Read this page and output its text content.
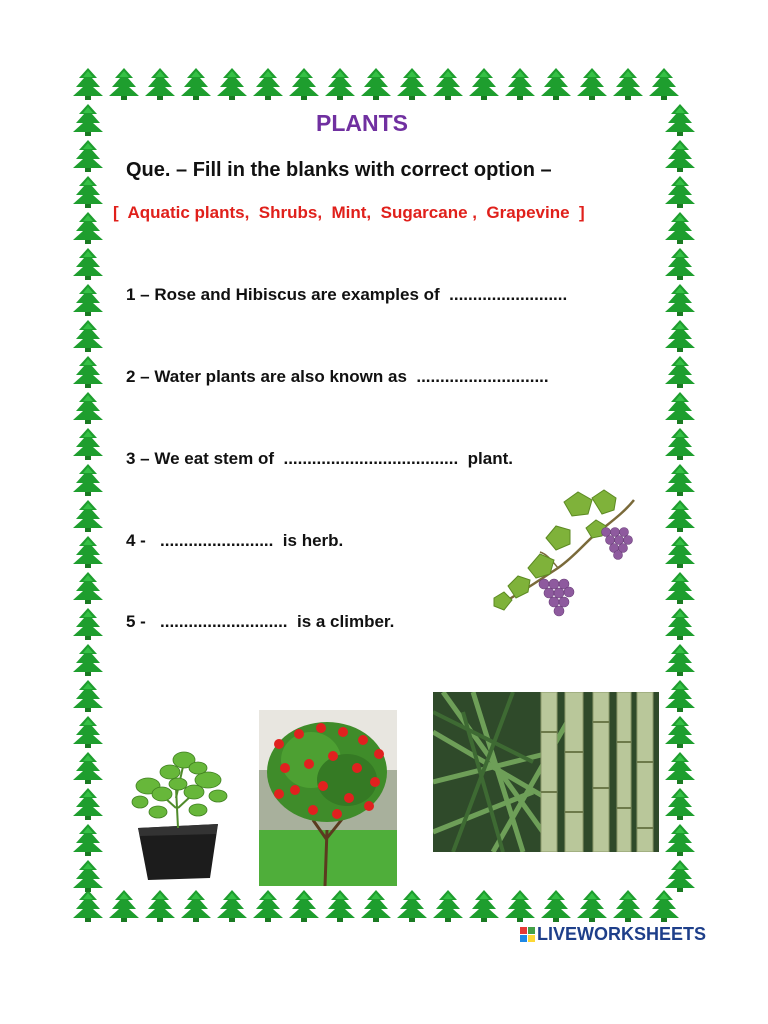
PLANTS
Que. – Fill in the blanks with correct option –
[  Aquatic plants,  Shrubs,  Mint,  Sugarcane ,  Grapevine  ]
1 – Rose and Hibiscus are examples of  .........................
2 – Water plants are also known as  ............................
3 – We eat stem of  .....................................  plant.
4 -   ........................  is herb.
5 -   ...........................  is a climber.
LIVEWORKSHEETS
